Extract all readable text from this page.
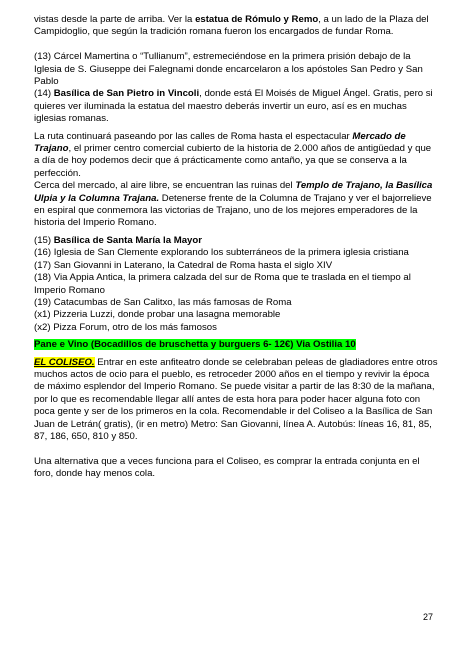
vistas desde la parte de arriba. Ver la estatua de Rómulo y Remo, a un lado de la Plaza del Campidoglio, que según la tradición romana fueron los encargados de fundar Roma.

(13) Cárcel Mamertina o “Tullianum”, estremeciéndose en la primera prisión debajo de la Iglesia de S. Giuseppe dei Falegnami donde encarcelaron a los apóstoles San Pedro y San Pablo

(14) Basílica de San Pietro in Vincoli, donde está El Moisés de Miguel Ángel. Gratis, pero si quieres ver iluminada la estatua del maestro deberás invertir un euro, así es en muchas iglesias romanas.

La ruta continuará paseando por las calles de Roma hasta el espectacular Mercado de Trajano, el primer centro comercial cubierto de la historia de 2.000 años de antigüedad y que a día de hoy podemos decir que á prácticamente como antaño, ya que se conserva a la perfección.

Cerca del mercado, al aire libre, se encuentran las ruinas del Templo de Trajano, la Basílica Ulpia y la Columna Trajana. Detenerse frente de la Columna de Trajano y ver el bajorrelieve en espiral que conmemora las victorias de Trajano, uno de los mejores emperadores de la historia del Imperio Romano.

(15) Basílica de Santa María la Mayor

(16) Iglesia de San Clemente explorando los subterráneos de la primera iglesia cristiana

(17) San Giovanni in Laterano, la Catedral de Roma hasta el siglo XIV

(18) Via Appia Antica, la primera calzada del sur de Roma que te traslada en el tiempo al Imperio Romano

(19) Catacumbas de San Calitxo, las más famosas de Roma

(x1) Pizzeria Luzzi, donde probar una lasagna memorable

(x2) Pizza Forum, otro de los más famosos

Pane e Vino (Bocadillos de bruschetta y burguers 6- 12€) Via Ostilia 10

EL COLISEO. Entrar en este anfiteatro donde se celebraban peleas de gladiadores entre otros muchos actos de ocio para el pueblo, es retroceder 2000 años en el tiempo y revivir la época de máximo esplendor del Imperio Romano. Se puede visitar a partir de las 8:30 de la mañana, por lo que es recomendable llegar allí antes de esta hora para poder hacer alguna foto con poca gente y ser de los primeros en la cola. Recomendable ir del Coliseo a la Basílica de San Juan de Letrán( gratis), (ir en metro) Metro: San Giovanni, línea A. Autobús: líneas 16, 81, 85, 87, 186, 650, 810 y 850.

Una alternativa que a veces funciona para el Coliseo, es comprar la entrada conjunta en el foro, donde hay menos cola.

27
